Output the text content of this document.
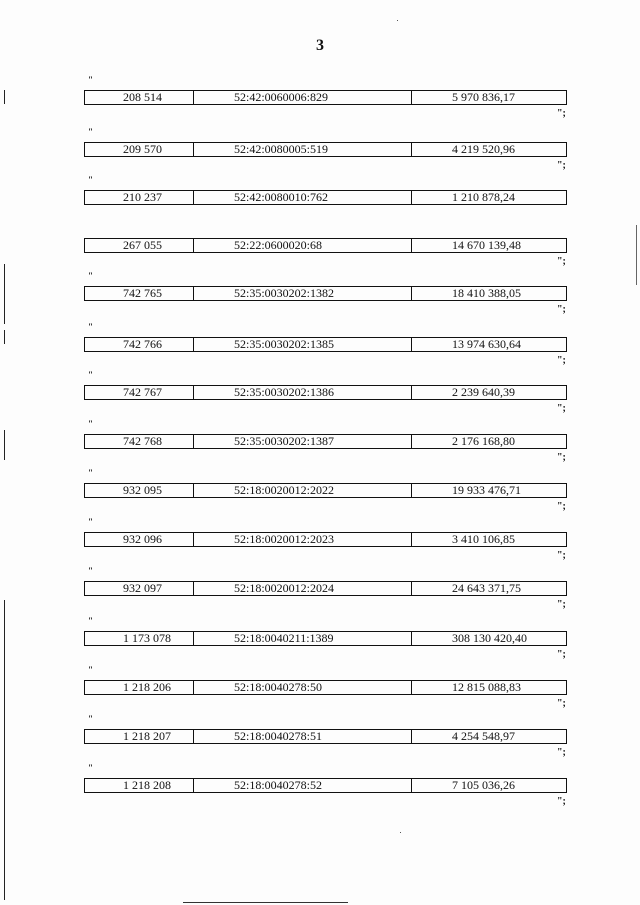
3
"
208 514	52:42:0060006:829	5 970 836,17
";
"
209 570	52:42:0080005:519	4 219 520,96
";
"
210 237	52:42:0080010:762	1 210 878,24
267 055	52:22:0600020:68	14 670 139,48
";
"
742 765	52:35:0030202:1382	18 410 388,05
";
"
742 766	52:35:0030202:1385	13 974 630,64
";
"
742 767	52:35:0030202:1386	2 239 640,39
";
"
742 768	52:35:0030202:1387	2 176 168,80
";
"
932 095	52:18:0020012:2022	19 933 476,71
";
"
932 096	52:18:0020012:2023	3 410 106,85
";
"
932 097	52:18:0020012:2024	24 643 371,75
";
"
1 173 078	52:18:0040211:1389	308 130 420,40
";
"
1 218 206	52:18:0040278:50	12 815 088,83
";
"
1 218 207	52:18:0040278:51	4 254 548,97
";
"
1 218 208	52:18:0040278:52	7 105 036,26
";
